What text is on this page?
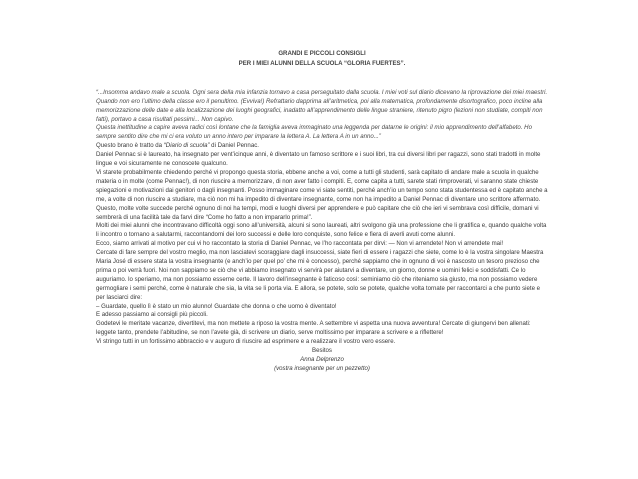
GRANDI E PICCOLI CONSIGLI
PER I MIEI ALUNNI DELLA SCUOLA “GLORIA FUERTES”.

“...Insomma andavo male a scuola. Ogni sera della mia infanzia tornavo a casa perseguitato dalla scuola. I miei voti sul diario dicevano la riprovazione dei miei maestri. Quando non ero l’ultimo della classe ero il penultimo. (Evviva!) Refrattario dapprima all’aritmetica, poi alla matematica, profondamente disortografico, poco incline alla memorizzazione delle date e alla localizzazione dei luoghi geografici, inadatto all’apprendimento delle lingue straniere, ritenuto pigro (lezioni non studiate, compiti non fatti), portavo a casa risultati pessimi... Non capivo.

Questa inettitudine a capire aveva radici così lontane che la famiglia aveva immaginato una leggenda per datarne le origini: il mio apprendimento dell’alfabeto. Ho sempre sentito dire che mi ci era voluto un anno intero per imparare la lettera A. La lettera A in un anno...”

Questo brano è tratto da “Diario di scuola” di Daniel Pennac.

Daniel Pennac si è laureato, ha insegnato per vent’icinque anni, è diventato un famoso scrittore e i suoi libri, tra cui diversi libri per ragazzi, sono stati tradotti in molte lingue e voi sicuramente ne conoscete qualcuno.

Vi starete probabilmente chiedendo perché vi propongo questa storia, ebbene anche a voi, come a tutti gli studenti, sarà capitato di andare male a scuola in qualche materia o in molte (come Pennac!), di non riuscire a memorizzare, di non aver fatto i compiti. E, come capita a tutti, sarete stati rimproverati, vi saranno state chieste spiegazioni e motivazioni dai genitori o dagli insegnanti. Posso immaginare come vi siate sentiti, perché anch’io un tempo sono stata studentessa ed è capitato anche a me, a volte di non riuscire a studiare, ma ciò non mi ha impedito di diventare insegnante, come non ha impedito a Daniel Pennac di diventare uno scrittore affermato.

Questo, molte volte succede perché ognuno di noi ha tempi, modi e luoghi diversi per apprendere e può capitare che ciò che ieri vi sembrava così difficile, domani vi sembrerà di una facilità tale da farvi dire “Come ho fatto a non impararlo prima!”.

Molti dei miei alunni che incontravano difficoltà oggi sono all’università, alcuni si sono laureati, altri svolgono già una professione che li gratifica e, quando qualche volta li incontro o tornano a salutarmi, raccontandomi dei loro successi e delle loro conquiste, sono felice e fiera di averli avuti come alunni.

Ecco, siamo arrivati al motivo per cui vi ho raccontato la storia di Daniel Pennac, ve l’ho raccontata per dirvi: — Non vi arrendete! Non vi arrendete mai!

Cercate di fare sempre del vostro meglio, ma non lasciatevi scoraggiare dagli insuccessi, siate fieri di essere i ragazzi che siete, come lo è la vostra singolare Maestra Maria José di essere stata la vostra insegnante (e anch’io per quel po’ che mi è concesso), perché sappiamo che in ognuno di voi è nascosto un tesoro prezioso che prima o poi verrà fuori. Noi non sappiamo se ciò che vi abbiamo insegnato vi servirà per aiutarvi a diventare, un giorno, donne e uomini felici e soddisfatti. Ce lo auguriamo. lo speriamo, ma non possiamo esserne certe. Il lavoro dell’insegnante è faticoso così: seminiamo ciò che riteniamo sia giusto, ma non possiamo vedere germogliare i semi perché, come è naturale che sia, la vita se li porta via. E allora, se potete, solo se potete, qualche volta tornate per raccontarci a che punto siete e per lasciarci dire:

– Guardate, quello lì è stato un mio alunno! Guardate che donna o che uomo è diventato!

E adesso passiamo ai consigli più piccoli.

Godetevi le meritate vacanze, divertitevi, ma non mettete a riposo la vostra mente. A settembre vi aspetta una nuova avventura! Cercate di giungervi ben allenati: leggete tanto, prendete l’abitudine, se non l’avete già, di scrivere un diario, serve moltissimo per imparare a scrivere e a riflettere!

Vi stringo tutti in un fortissimo abbraccio e v auguro di riuscire ad esprimere e a realizzare il vostro vero essere.

Besitos

Anna Delprenzo

(vostra insegnante per un pezzetto)
